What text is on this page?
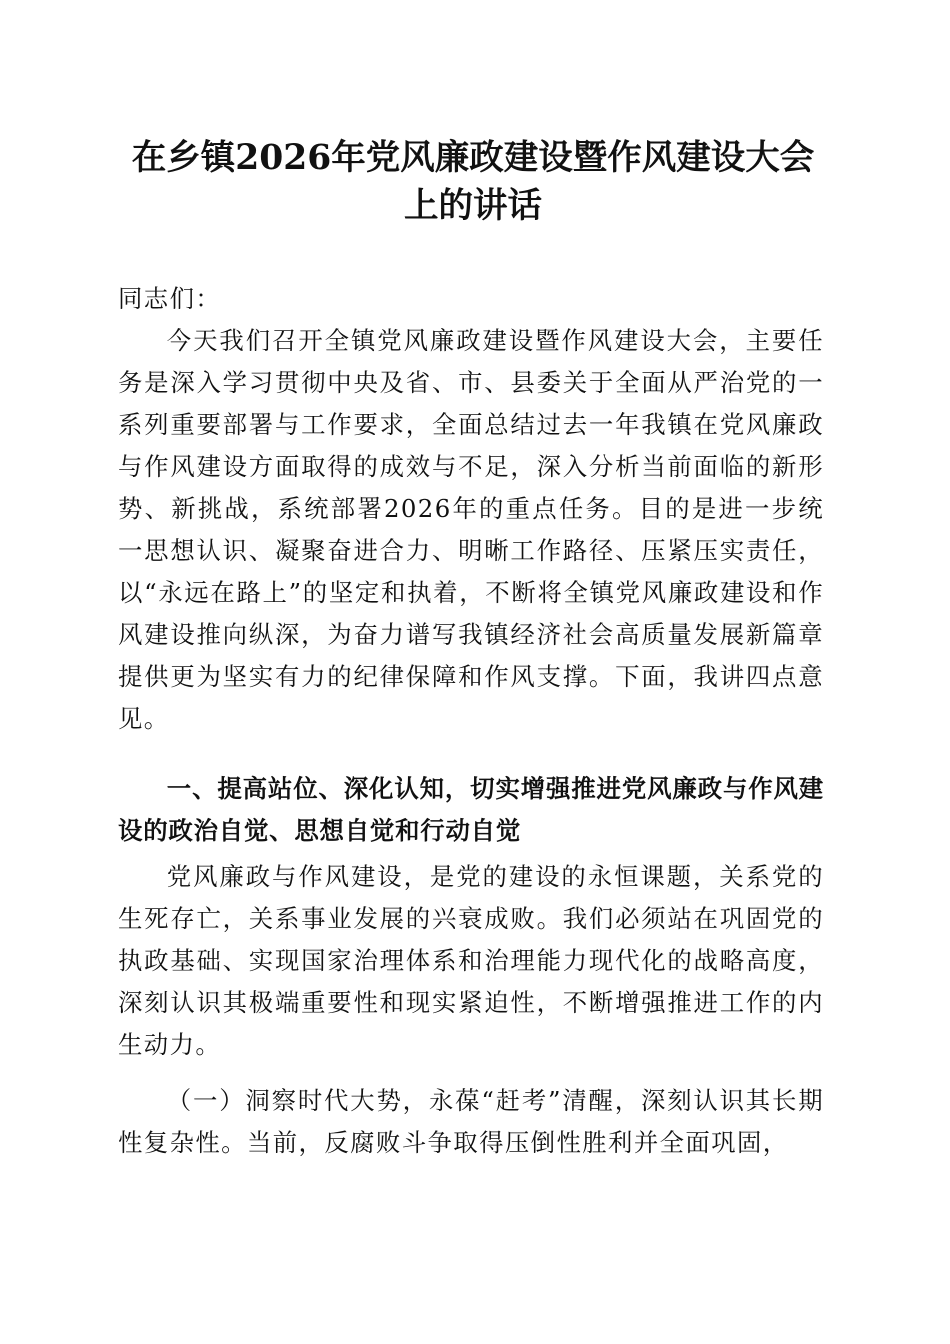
在乡镇2026年党风廉政建设暨作风建设大会上的讲话

同志们：

今天我们召开全镇党风廉政建设暨作风建设大会，主要任务是深入学习贯彻中央及省、市、县委关于全面从严治党的一系列重要部署与工作要求，全面总结过去一年我镇在党风廉政与作风建设方面取得的成效与不足，深入分析当前面临的新形势、新挑战，系统部署2026年的重点任务。目的是进一步统一思想认识、凝聚奋进合力、明晰工作路径、压紧压实责任，以“永远在路上”的坚定和执着，不断将全镇党风廉政建设和作风建设推向纵深，为奋力谱写我镇经济社会高质量发展新篇章提供更为坚实有力的纪律保障和作风支撑。下面，我讲四点意见。

一、提高站位、深化认知，切实增强推进党风廉政与作风建设的政治自觉、思想自觉和行动自觉

党风廉政与作风建设，是党的建设的永恒课题，关系党的生死存亡，关系事业发展的兴衰成败。我们必须站在巩固党的执政基础、实现国家治理体系和治理能力现代化的战略高度，深刻认识其极端重要性和现实紧迫性，不断增强推进工作的内生动力。

（一）洞察时代大势，永葆“赶考”清醒，深刻认识其长期性复杂性。当前，反腐败斗争取得压倒性胜利并全面巩固，
